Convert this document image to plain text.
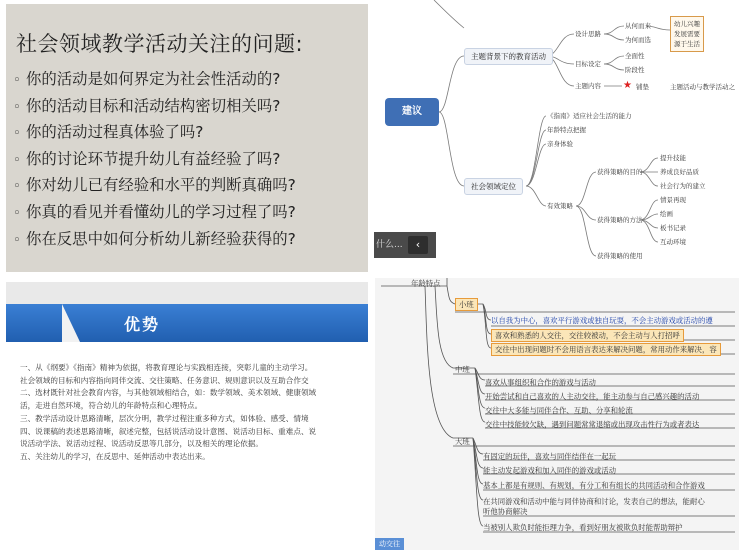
社会领域教学活动关注的问题:
◦ 你的活动是如何界定为社会性活动的?
◦ 你的活动目标和活动结构密切相关吗?
◦ 你的活动过程真体验了吗?
◦ 你的讨论环节提升幼儿有益经验了吗?
◦ 你对幼儿已有经验和水平的判断真确吗?
◦ 你真的看见并看懂幼儿的学习过程了吗?
◦ 你在反思中如何分析幼儿新经验获得的?
建议
主题背景下的教育活动
社会领域定位
设计思路
目标设定
主题内容
从何而来
为何而选
幼儿兴趣
发展需要
源于生活
全面性
阶段性
★ 铺垫	主题活动与教学活动之
《指南》适应社会生活的能力
年龄特点把握
亲身体验
有效策略
获得策略的目的
提升技能
养成良好品质
社会行为的建立
获得策略的方法
情景再现
绘画
板书记录
互动环境
获得策略的使用
什么...	‹
优势
一、从《纲要》《指南》精神为依据，将教育理论与实践相连接，突彰儿童的主动学习。
社会领域的目标和内容指向同伴交流、交往策略、任务意识、规则意识以及互助合作交
二、选材既针对社会教育内容，与其他领域相结合，如：数学领域、美术领域、健康领域
活，走进自然环境，符合幼儿的年龄特点和心理特点。
三、教学活动设计思路清晰，层次分明，教学过程注重多种方式，如体验、感受、情境
四、说课稿的表述思路清晰，叙述完整，包括说活动设计意图、说活动目标、重难点、说
说活动学法、说活动过程、说活动反思等几部分，以及相关的理论依据。
五、关注幼儿的学习，在反思中、延伸活动中表达出来。
年龄特点
小班
以自我为中心，喜欢平行游戏或独自玩耍，不会主动游戏或活动的遵
喜欢和熟悉的人交往，交往较被动，不会主动与人打招呼
交往中出现问题时不会用语言表达来解决问题，常用动作来解决，容
中班
喜欢从事组织和合作的游戏与活动
开始尝试和自己喜欢的人主动交往，能主动参与自己感兴趣的活动
交往中大多能与同伴合作、互助、分享和轮流
交往中技能较欠缺，遇到问题常常退缩或出现攻击性行为或者表达
大班
有固定的玩伴，喜欢与同伴结伴在一起玩
能主动发起游戏和加入同伴的游戏或活动
基本上都是有规则、有规划，有分工和有组长的共同活动和合作游戏
在共同游戏和活动中能与同伴协商和讨论，发表自己的想法，能耐心
听他协商解决
当被别人欺负时能拒理力争，看到好朋友被欺负时能帮助辩护
动交往
